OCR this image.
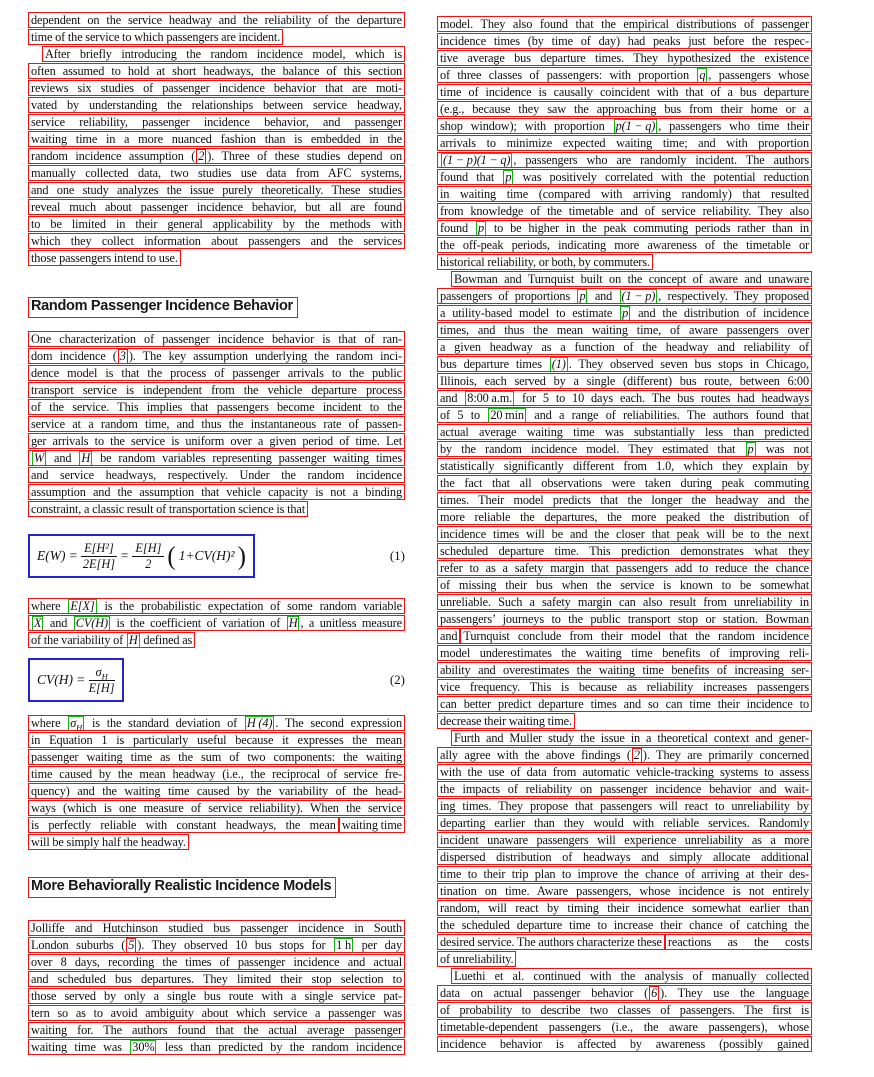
dependent on the service headway and the reliability of the departure
time of the service to which passengers are incident.
After briefly introducing the random incidence model, which is
often assumed to hold at short headways, the balance of this section
reviews six studies of passenger incidence behavior that are moti-
vated by understanding the relationships between service headway,
service reliability, passenger incidence behavior, and passenger
waiting time in a more nuanced fashion than is embedded in the
random incidence assumption ( 2 ). Three of these studies depend on
manually collected data, two studies use data from AFC systems,
and one study analyzes the issue purely theoretically. These studies
reveal much about passenger incidence behavior, but all are found
to be limited in their general applicability by the methods with
which they collect information about passengers and the services
those passengers intend to use.
Random Passenger Incidence Behavior
One characterization of passenger incidence behavior is that of ran-
dom incidence ( 3 ). The key assumption underlying the random inci-
dence model is that the process of passenger arrivals to the public
transport service is independent from the vehicle departure process
of the service. This implies that passengers become incident to the
service at a random time, and thus the instantaneous rate of passen-
ger arrivals to the service is uniform over a given period of time. Let
W and H be random variables representing passenger waiting times
and service headways, respectively. Under the random incidence
assumption and the assumption that vehicle capacity is not a binding
constraint, a classic result of transportation science is that
$E(W) = \frac{\text{E[H²]}}{2E[H]} = \frac{E[H]}{2}$ ( 1+CV(H)² )	(1)
where E[X] is the probabilistic expectation of some random variable
X and CV(H) is the coefficient of variation of H , a unitless measure
of the variability of H defined as
$CV(H) = \frac{\sigma_H}{E[H]}$	(2)
where $\sigma_H$ is the standard deviation of H (4) . The second expression
in Equation 1 is particularly useful because it expresses the mean
passenger waiting time as the sum of two components: the waiting
time caused by the mean headway (i.e., the reciprocal of service fre-
quency) and the waiting time caused by the variability of the head-
ways (which is one measure of service reliability). When the service
is perfectly reliable with constant headways, the mean waiting time
will be simply half the headway.
More Behaviorally Realistic Incidence Models
Jolliffe and Hutchinson studied bus passenger incidence in South
London suburbs ( 5 ). They observed 10 bus stops for 1 h per day
over 8 days, recording the times of passenger incidence and actual
and scheduled bus departures. They limited their stop selection to
those served by only a single bus route with a single service pat-
tern so as to avoid ambiguity about which service a passenger was
waiting for. The authors found that the actual average passenger
waiting time was 30% less than predicted by the random incidence
model. They also found that the empirical distributions of passenger
incidence times (by time of day) had peaks just before the respec-
tive average bus departure times. They hypothesized the existence
of three classes of passengers: with proportion q , passengers whose
time of incidence is causally coincident with that of a bus departure
(e.g., because they saw the approaching bus from their home or a
shop window); with proportion p(1 − q) , passengers who time their
arrivals to minimize expected waiting time; and with proportion
(1 − p)(1 − q) , passengers who are randomly incident. The authors
found that p was positively correlated with the potential reduction
in waiting time (compared with arriving randomly) that resulted
from knowledge of the timetable and of service reliability. They also
found p to be higher in the peak commuting periods rather than in
the off-peak periods, indicating more awareness of the timetable or
historical reliability, or both, by commuters.
Bowman and Turnquist built on the concept of aware and unaware
passengers of proportions p and (1 − p) , respectively. They proposed
a utility-based model to estimate p and the distribution of incidence
times, and thus the mean waiting time, of aware passengers over
a given headway as a function of the headway and reliability of
bus departure times (1) . They observed seven bus stops in Chicago,
Illinois, each served by a single (different) bus route, between 6:00
and 8:00 a.m. for 5 to 10 days each. The bus routes had headways
of 5 to 20 min and a range of reliabilities. The authors found that
actual average waiting time was substantially less than predicted
by the random incidence model. They estimated that p was not
statistically significantly different from 1.0, which they explain by
the fact that all observations were taken during peak commuting
times. Their model predicts that the longer the headway and the
more reliable the departures, the more peaked the distribution of
incidence times will be and the closer that peak will be to the next
scheduled departure time. This prediction demonstrates what they
refer to as a safety margin that passengers add to reduce the chance
of missing their bus when the service is known to be somewhat
unreliable. Such a safety margin can also result from unreliability in
passengers’ journeys to the public transport stop or station. Bowman
and Turnquist conclude from their model that the random incidence
model underestimates the waiting time benefits of improving reli-
ability and overestimates the waiting time benefits of increasing ser-
vice frequency. This is because as reliability increases passengers
can better predict departure times and so can time their incidence to
decrease their waiting time.
Furth and Muller study the issue in a theoretical context and gener-
ally agree with the above findings ( 2 ). They are primarily concerned
with the use of data from automatic vehicle-tracking systems to assess
the impacts of reliability on passenger incidence behavior and wait-
ing times. They propose that passengers will react to unreliability by
departing earlier than they would with reliable services. Randomly
incident unaware passengers will experience unreliability as a more
dispersed distribution of headways and simply allocate additional
time to their trip plan to improve the chance of arriving at their des-
tination on time. Aware passengers, whose incidence is not entirely
random, will react by timing their incidence somewhat earlier than
the scheduled departure time to increase their chance of catching the
desired service. The authors characterize these reactions as the costs
of unreliability.
Luethi et al. continued with the analysis of manually collected
data on actual passenger behavior ( 6 ). They use the language
of probability to describe two classes of passengers. The first is
timetable-dependent passengers (i.e., the aware passengers), whose
incidence behavior is affected by awareness (possibly gained
